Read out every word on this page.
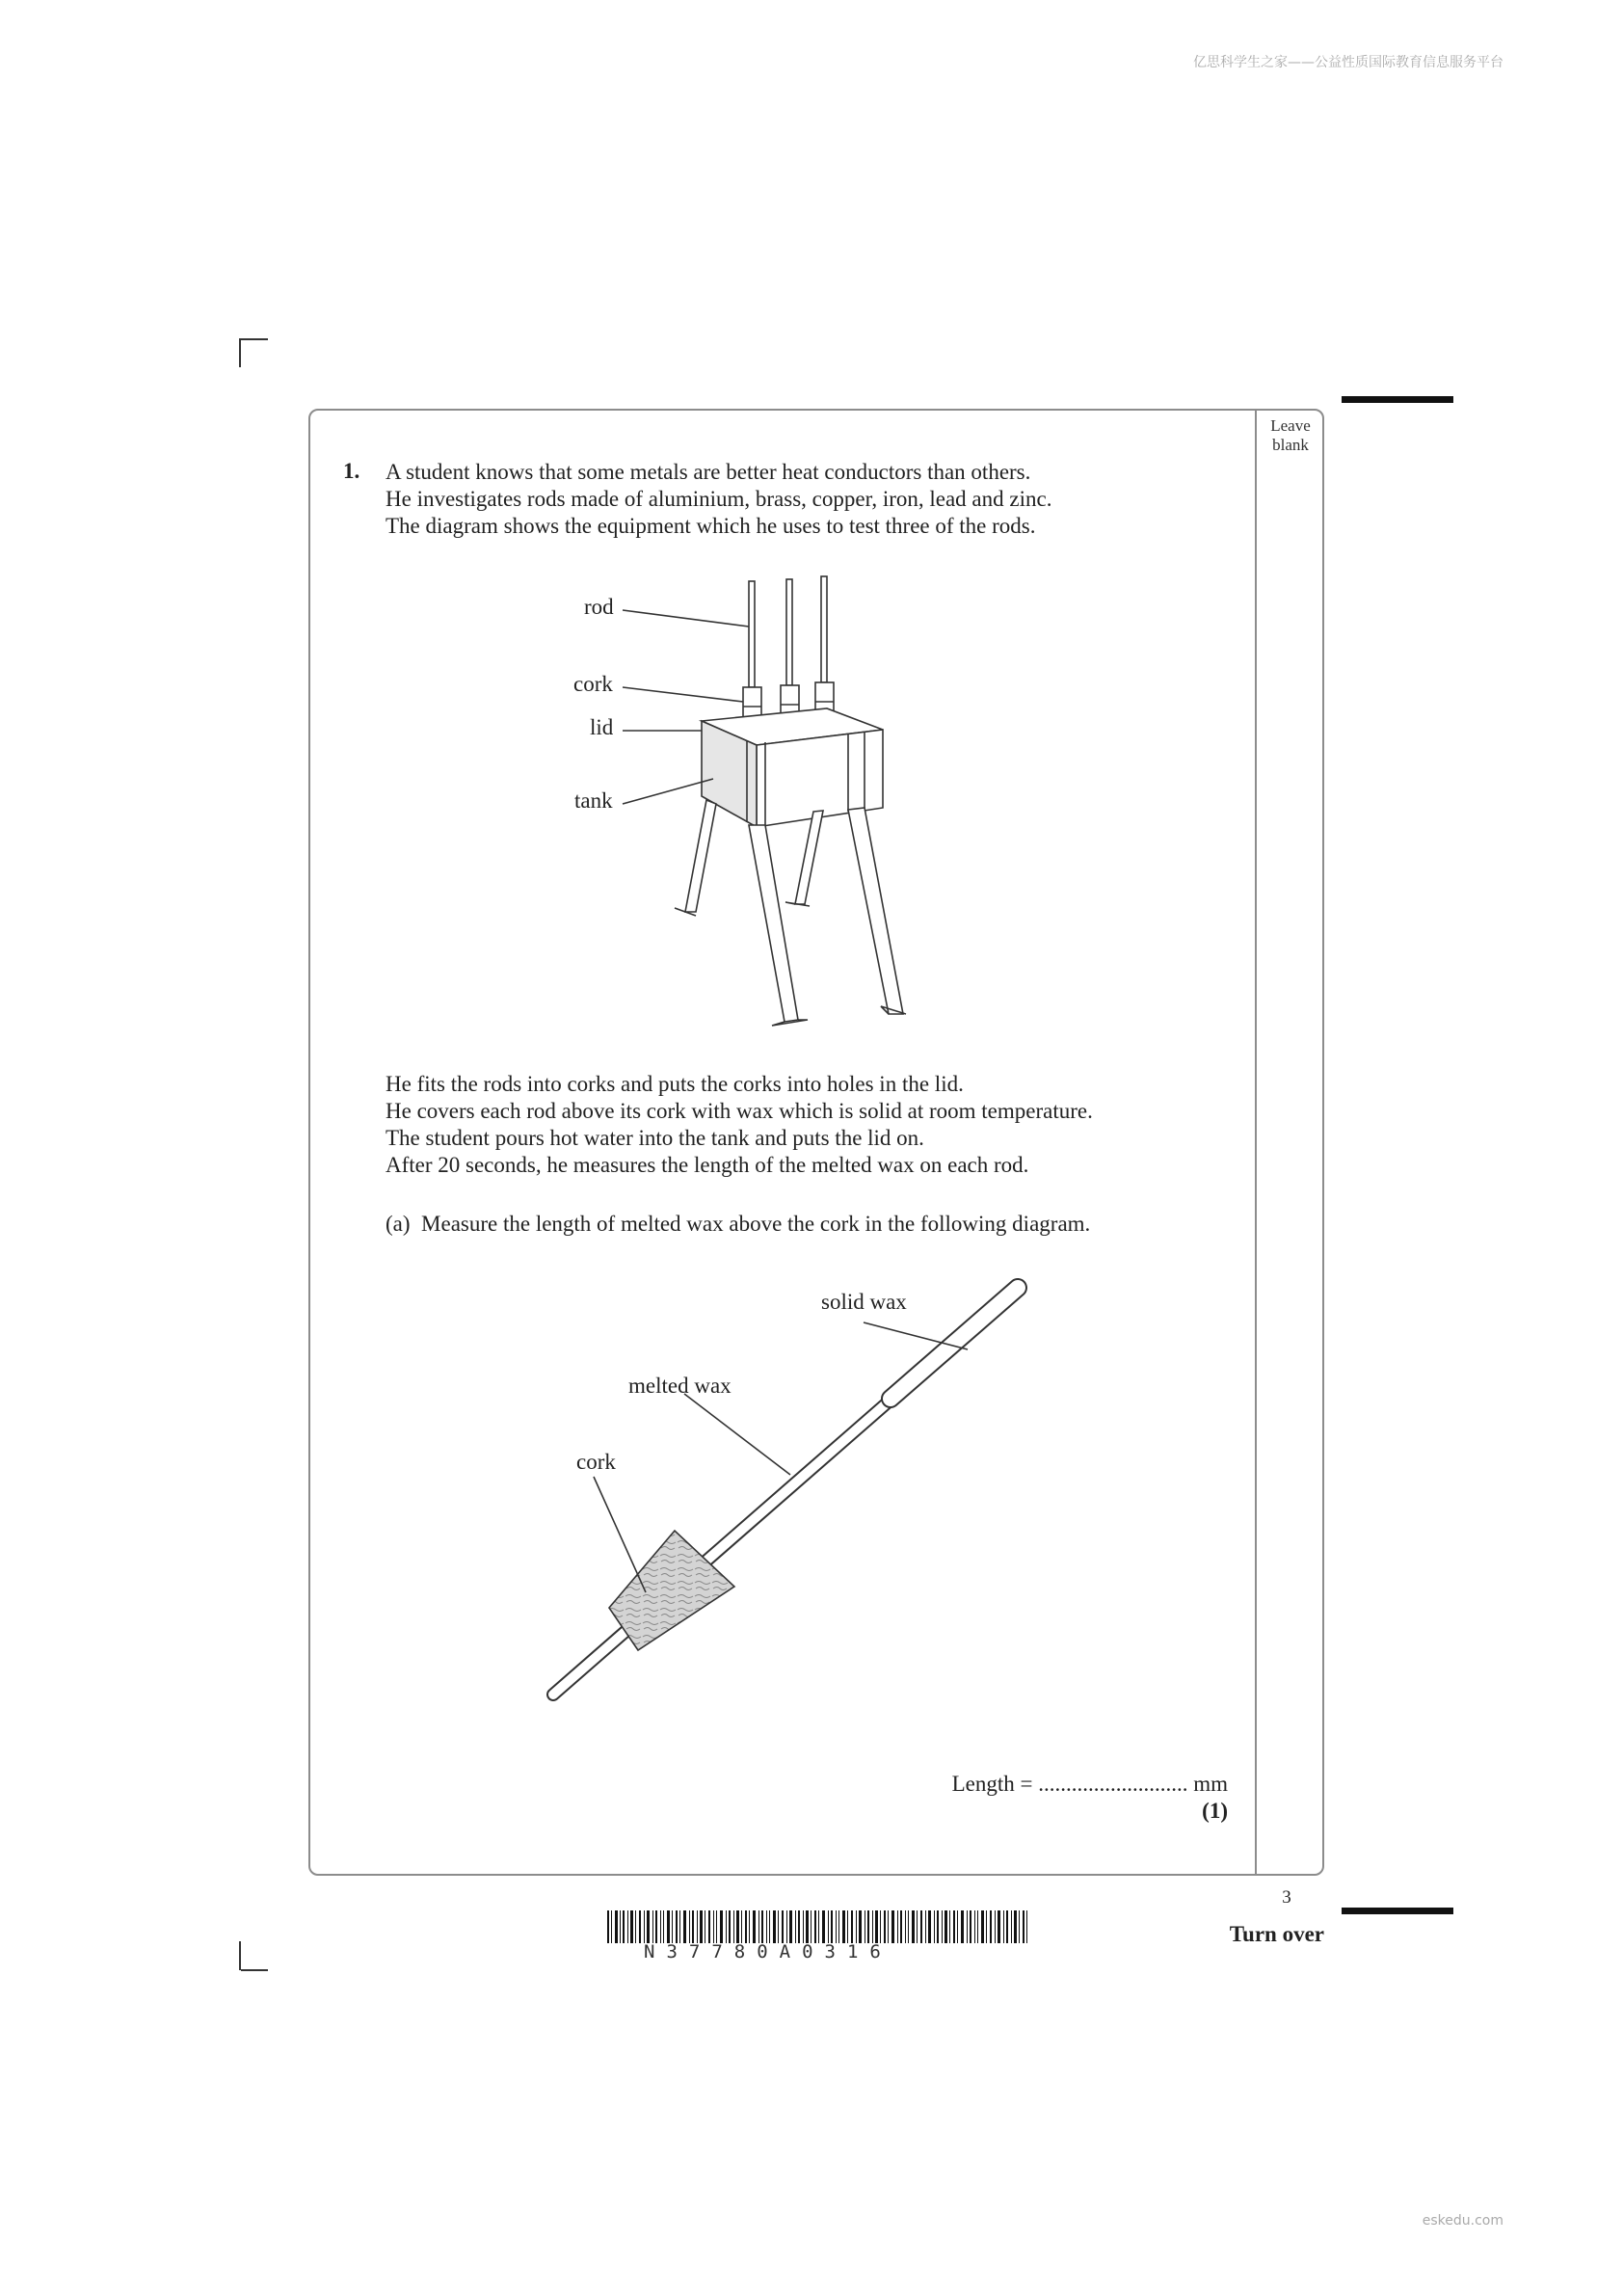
亿思科学生之家——公益性质国际教育信息服务平台
eskedu.com
Leave
blank
1. A student knows that some metals are better heat conductors than others.
He investigates rods made of aluminium, brass, copper, iron, lead and zinc.
The diagram shows the equipment which he uses to test three of the rods.
rod
cork
lid
tank
He fits the rods into corks and puts the corks into holes in the lid.
He covers each rod above its cork with wax which is solid at room temperature.
The student pours hot water into the tank and puts the lid on.
After 20 seconds, he measures the length of the melted wax on each rod.
(a) Measure the length of melted wax above the cork in the following diagram.
solid wax
melted wax
cork
Length = ........................... mm
(1)
3
Turn over
N37780A0316
